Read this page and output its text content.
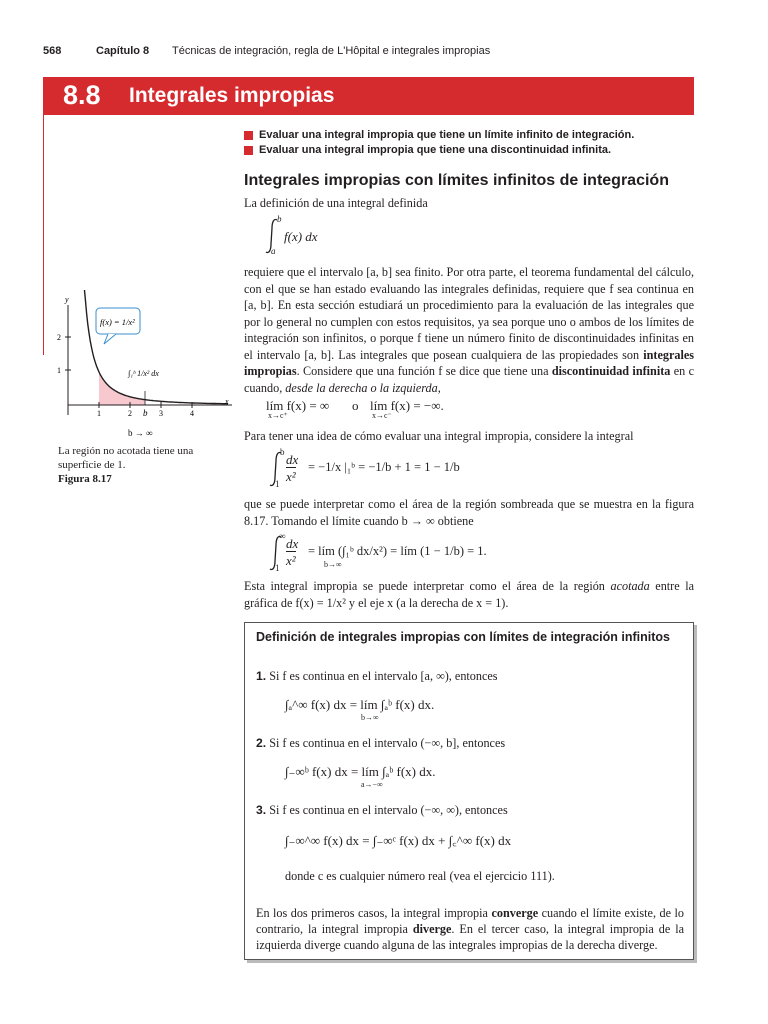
568	Capítulo 8 Técnicas de integración, regla de L'Hôpital e integrales impropias
8.8 Integrales impropias
Evaluar una integral impropia que tiene un límite infinito de integración.
Evaluar una integral impropia que tiene una discontinuidad infinita.
Integrales impropias con límites infinitos de integración

La definición de una integral definida

b
a
f(x) dx

requiere que el intervalo [a, b] sea finito. Por otra parte, el teorema fundamental del cálculo, con el que se han estado evaluando las integrales definidas, requiere que f sea continua en [a, b]. En esta sección estudiará un procedimiento para la evaluación de las integrales que por lo general no cumplen con estos requisitos, ya sea porque uno o ambos de los límites de integración son infinitos, o porque f tiene un número finito de discontinuidades infinitas en el intervalo [a, b]. Las integrales que posean cualquiera de las propiedades son integrales impropias. Considere que una función f se dice que tiene una discontinuidad infinita en c cuando, desde la derecha o la izquierda,

lím f(x) = ∞
x→c⁺
o lím f(x) = −∞.
x→c⁻

Para tener una idea de cómo evaluar una integral impropia, considere la integral

b
1
dx
x²
= −1/x |₁ᵇ = −1/b + 1 = 1 − 1/b

que se puede interpretar como el área de la región sombreada que se muestra en la figura 8.17. Tomando el límite cuando b → ∞ obtiene

∞
1
dx
x²
= lím (∫₁ᵇ dx/x²) = lím (1 − 1/b) = 1.
b→∞

Esta integral impropia se puede interpretar como el área de la región acotada entre la gráfica de f(x) = 1/x² y el eje x (a la derecha de x = 1).

Definición de integrales impropias con límites de integración infinitos
1. Si f es continua en el intervalo [a, ∞), entonces
∫ₐ^∞ f(x) dx = lím ∫ₐᵇ f(x) dx.
b→∞
2. Si f es continua en el intervalo (−∞, b], entonces
∫₋∞ᵇ f(x) dx = lím ∫ₐᵇ f(x) dx.
a→−∞
3. Si f es continua en el intervalo (−∞, ∞), entonces
∫₋∞^∞ f(x) dx = ∫₋∞ᶜ f(x) dx + ∫꜀^∞ f(x) dx
donde c es cualquier número real (vea el ejercicio 111).

En los dos primeros casos, la integral impropia converge cuando el límite existe, de lo contrario, la integral impropia diverge. En el tercer caso, la integral impropia de la izquierda diverge cuando alguna de las integrales impropias de la derecha diverge.

y
x
1
2
1	2 b 3	4
f(x) = 1/x²
∫₁ᵇ 1/x² dx
b → ∞
La región no acotada tiene una superficie de 1.
Figura 8.17
